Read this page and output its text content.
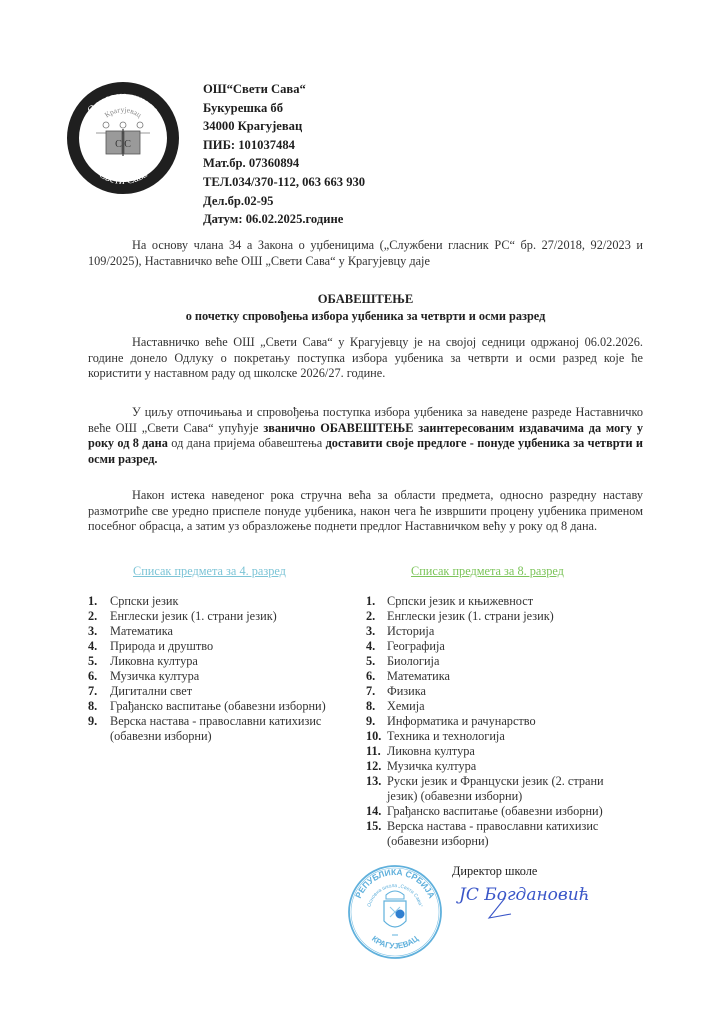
Основна школа
Свети Сава
Крагујевац
С С
ОШ“Свети Сава“
Букурешка бб
34000 Крагујевац
ПИБ: 101037484
Мат.бр. 07360894
ТЕЛ.034/370-112, 063 663 930
Дел.бр.02-95
Датум: 06.02.2025.године
На основу члана 34 а Закона о уџбеницима („Службени гласник РС“ бр. 27/2018, 92/2023 и 109/2025), Наставничко веће ОШ „Свети Сава“ у Крагујевцу даје
ОБАВЕШТЕЊЕ
о почетку спровођења избора уџбеника за четврти и осми разред
Наставничко веће ОШ „Свети Сава“ у Крагујевцу је на својој седници одржаној 06.02.2026. године донело Одлуку о покретању поступка избора уџбеника за четврти и осми разред које ће користити у наставном раду од школске 2026/27. године.
У циљу отпочињања и спровођења поступка избора уџбеника за наведене разреде Наставничко веће ОШ „Свети Сава“ упућује званично ОБАВЕШТЕЊЕ заинтересованим издавачима да могу у року од 8 дана од дана пријема обавештења доставити своје предлоге - понуде уџбеника за четврти и осми разред.
Након истека наведеног рока стручна већа за области предмета, односно разредну наставу размотриће све уредно приспеле понуде уџбеника, након чега ће извршити процену уџбеника применом посебног обрасца, а затим уз образложење поднети предлог Наставничком већу у року од 8 дана.
Списак предмета за 4. разред	Списак предмета за 8. разред
1. Српски језик
2. Енглески језик (1. страни језик)
3. Математика
4. Природа и друштво
5. Ликовна култура
6. Музичка култура
7. Дигитални свет
8. Грађанско васпитање (обавезни изборни)
9. Верска настава - православни катихизис (обавезни изборни)
1. Српски језик и књижевност
2. Енглески језик (1. страни језик)
3. Историја
4. Географија
5. Биологија
6. Математика
7. Физика
8. Хемија
9. Информатика и рачунарство
10. Техника и технологија
11. Ликовна култура
12. Музичка култура
13. Руски језик и Француски језик (2. страни језик) (обавезни изборни)
14. Грађанско васпитање (обавезни изборни)
15. Верска настава - православни катихизис (обавезни изборни)
Директор школе
ЈС Богдановић
РЕПУБЛИКА СРБИЈА
Основна школа „Свети Сава“
КРАГУЈЕВАЦ
